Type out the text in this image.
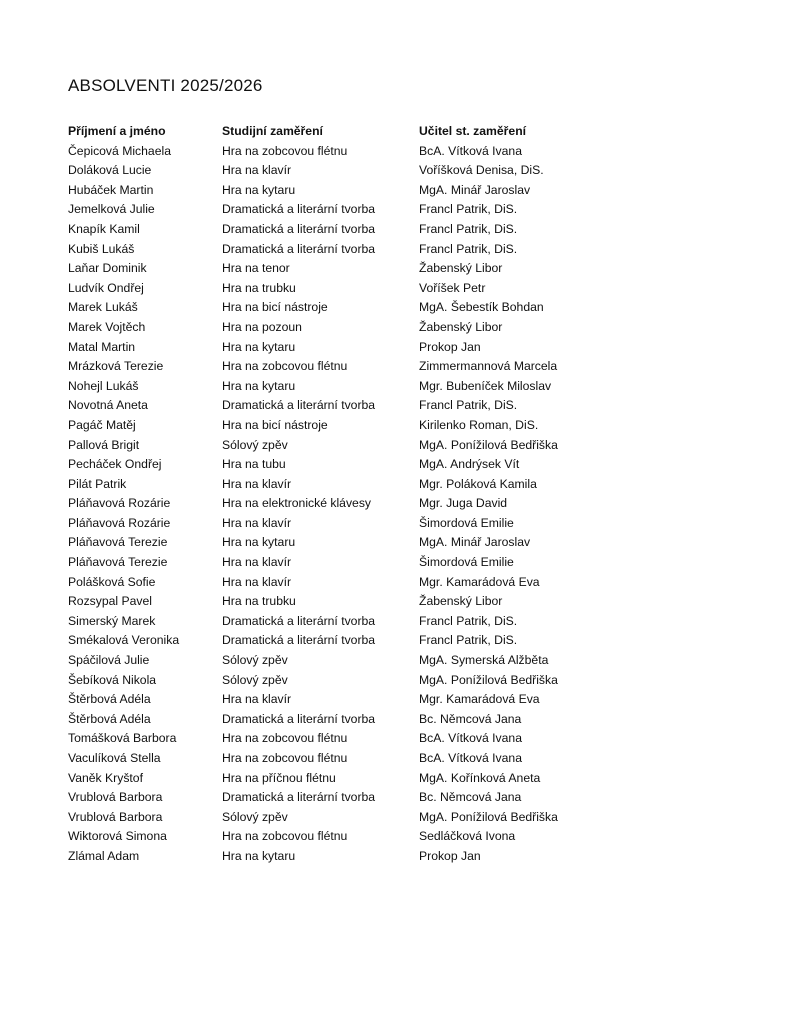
ABSOLVENTI 2025/2026
Příjmení a jméno	Studijní zaměření	Učitel st. zaměření
Čepicová Michaela	Hra na zobcovou flétnu	BcA. Vítková Ivana
Doláková Lucie	Hra na klavír	Voříšková Denisa, DiS.
Hubáček Martin	Hra na kytaru	MgA. Minář Jaroslav
Jemelková Julie	Dramatická a literární tvorba	Francl Patrik, DiS.
Knapík Kamil	Dramatická a literární tvorba	Francl Patrik, DiS.
Kubiš Lukáš	Dramatická a literární tvorba	Francl Patrik, DiS.
Laňar Dominik	Hra na tenor	Žabenský Libor
Ludvík Ondřej	Hra na trubku	Voříšek Petr
Marek Lukáš	Hra na bicí nástroje	MgA. Šebestík Bohdan
Marek Vojtěch	Hra na pozoun	Žabenský Libor
Matal Martin	Hra na kytaru	Prokop Jan
Mrázková Terezie	Hra na zobcovou flétnu	Zimmermannová Marcela
Nohejl Lukáš	Hra na kytaru	Mgr. Bubeníček Miloslav
Novotná Aneta	Dramatická a literární tvorba	Francl Patrik, DiS.
Pagáč Matěj	Hra na bicí nástroje	Kirilenko Roman, DiS.
Pallová Brigit	Sólový zpěv	MgA. Ponížilová Bedřiška
Pecháček Ondřej	Hra na tubu	MgA. Andrýsek Vít
Pilát Patrik	Hra na klavír	Mgr. Poláková Kamila
Pláňavová Rozárie	Hra na elektronické klávesy	Mgr. Juga David
Pláňavová Rozárie	Hra na klavír	Šimordová Emilie
Pláňavová Terezie	Hra na kytaru	MgA. Minář Jaroslav
Pláňavová Terezie	Hra na klavír	Šimordová Emilie
Polášková Sofie	Hra na klavír	Mgr. Kamarádová Eva
Rozsypal Pavel	Hra na trubku	Žabenský Libor
Simerský Marek	Dramatická a literární tvorba	Francl Patrik, DiS.
Smékalová Veronika	Dramatická a literární tvorba	Francl Patrik, DiS.
Spáčilová Julie	Sólový zpěv	MgA. Symerská Alžběta
Šebíková Nikola	Sólový zpěv	MgA. Ponížilová Bedřiška
Štěrbová Adéla	Hra na klavír	Mgr. Kamarádová Eva
Štěrbová Adéla	Dramatická a literární tvorba	Bc. Němcová Jana
Tomášková Barbora	Hra na zobcovou flétnu	BcA. Vítková Ivana
Vaculíková Stella	Hra na zobcovou flétnu	BcA. Vítková Ivana
Vaněk Kryštof	Hra na příčnou flétnu	MgA. Kořínková Aneta
Vrublová Barbora	Dramatická a literární tvorba	Bc. Němcová Jana
Vrublová Barbora	Sólový zpěv	MgA. Ponížilová Bedřiška
Wiktorová Simona	Hra na zobcovou flétnu	Sedláčková Ivona
Zlámal Adam	Hra na kytaru	Prokop Jan
